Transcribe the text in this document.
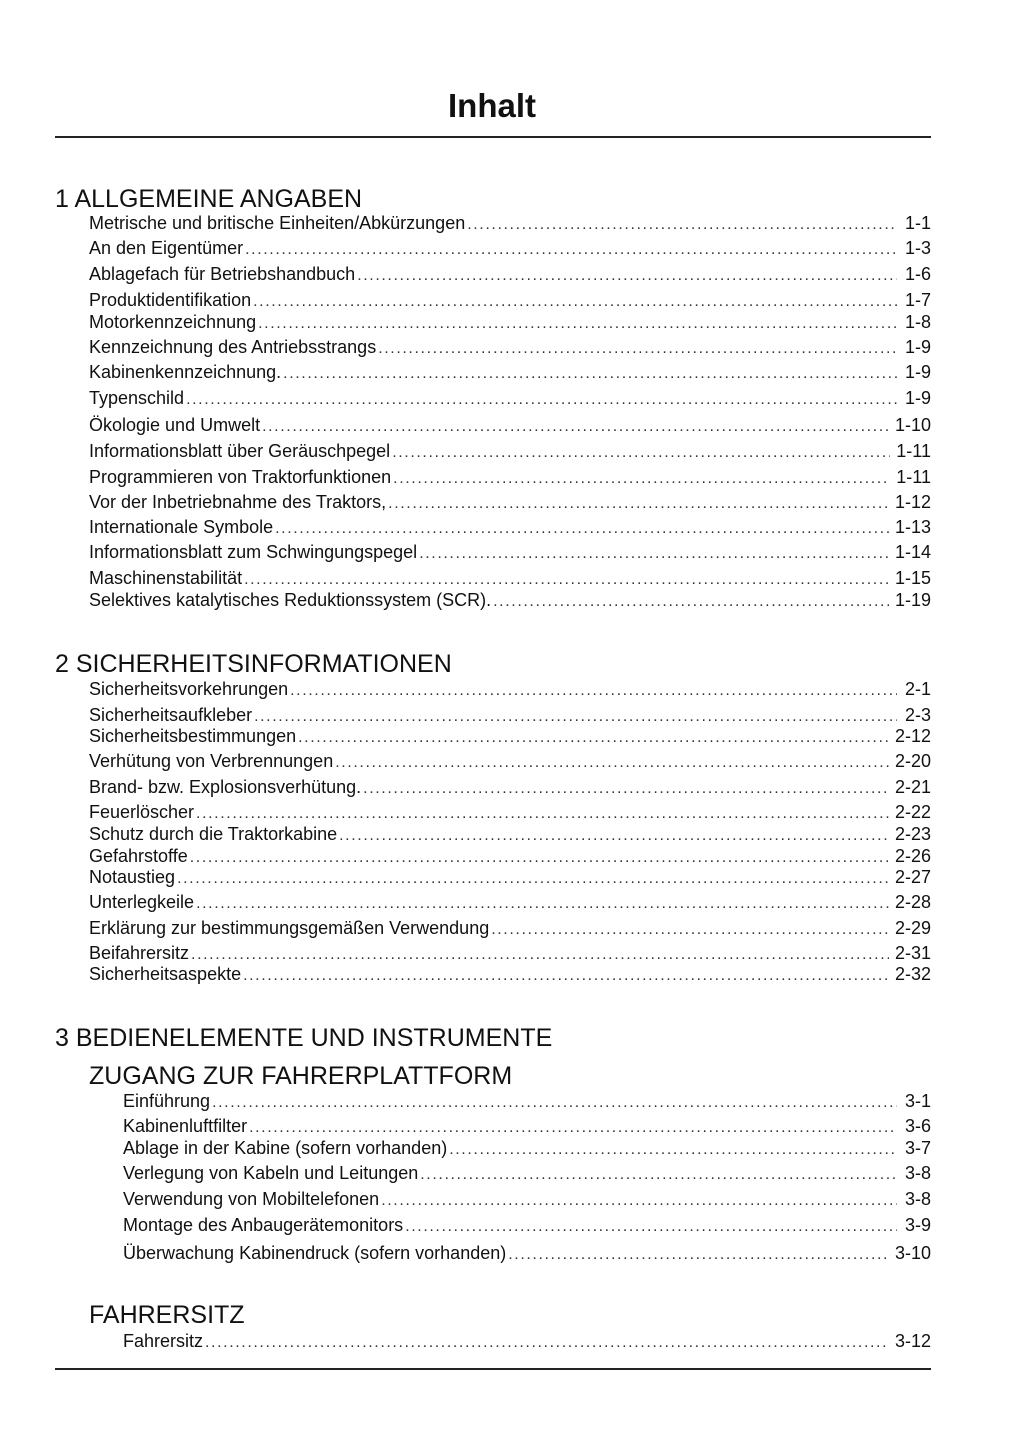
Inhalt
1 ALLGEMEINE ANGABEN
Metrische und britische Einheiten/Abkürzungen .....	1-1
An den Eigentümer .....	1-3
Ablagefach für Betriebshandbuch .....	1-6
Produktidentifikation .....	1-7
Motorkennzeichnung .....	1-8
Kennzeichnung des Antriebsstrangs .....	1-9
Kabinenkennzeichnung. .....	1-9
Typenschild .....	1-9
Ökologie und Umwelt .....	1-10
Informationsblatt über Geräuschpegel .....	1-11
Programmieren von Traktorfunktionen .....	1-11
Vor der Inbetriebnahme des Traktors, .....	1-12
Internationale Symbole .....	1-13
Informationsblatt zum Schwingungspegel .....	1-14
Maschinenstabilität .....	1-15
Selektives katalytisches Reduktionssystem (SCR). .....	1-19
2 SICHERHEITSINFORMATIONEN
Sicherheitsvorkehrungen .....	2-1
Sicherheitsaufkleber .....	2-3
Sicherheitsbestimmungen .....	2-12
Verhütung von Verbrennungen .....	2-20
Brand- bzw. Explosionsverhütung. .....	2-21
Feuerlöscher .....	2-22
Schutz durch die Traktorkabine .....	2-23
Gefahrstoffe .....	2-26
Notaustieg .....	2-27
Unterlegkeile .....	2-28
Erklärung zur bestimmungsgemäßen Verwendung .....	2-29
Beifahrersitz .....	2-31
Sicherheitsaspekte .....	2-32
3 BEDIENELEMENTE UND INSTRUMENTE
ZUGANG ZUR FAHRERPLATTFORM
Einführung .....	3-1
Kabinenluftfilter .....	3-6
Ablage in der Kabine (sofern vorhanden) .....	3-7
Verlegung von Kabeln und Leitungen .....	3-8
Verwendung von Mobiltelefonen .....	3-8
Montage des Anbaugerätemonitors .....	3-9
Überwachung Kabinendruck (sofern vorhanden) .....	3-10
FAHRERSITZ
Fahrersitz .....	3-12
